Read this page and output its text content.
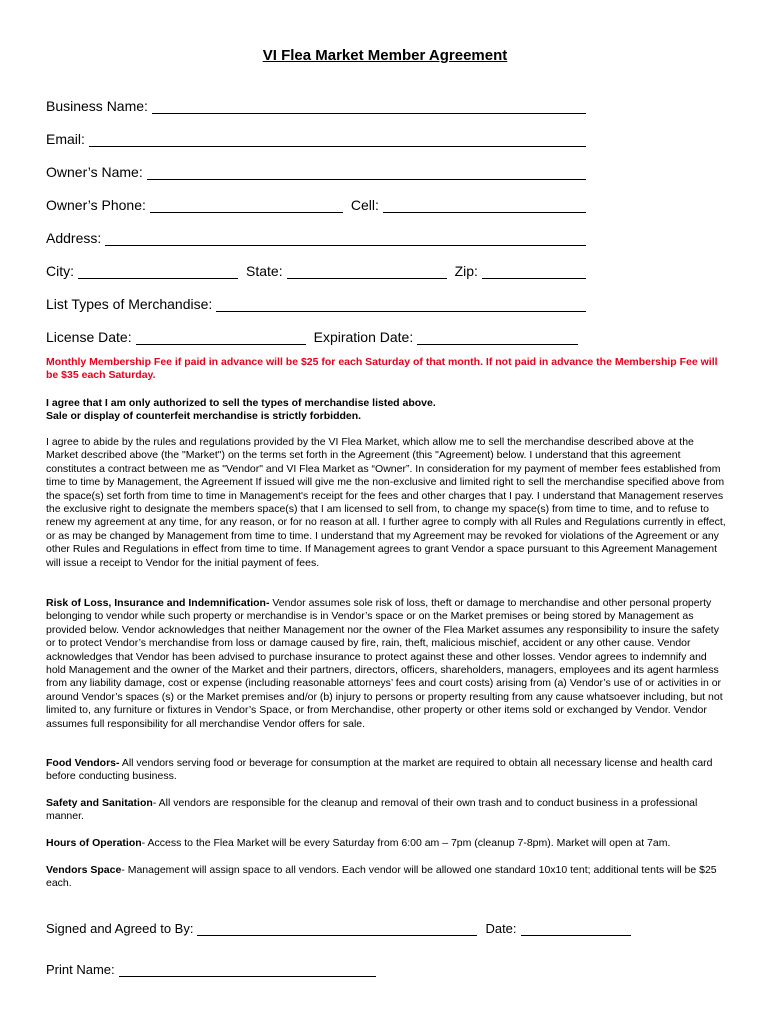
VI Flea Market Member Agreement
Business Name:
Email:
Owner’s Name:
Owner’s Phone:	Cell:
Address:
City:	State:	Zip:
List Types of Merchandise:
License Date:	Expiration Date:

Monthly Membership Fee if paid in advance will be $25 for each Saturday of that month. If not paid in advance the Membership Fee will be $35 each Saturday.

I agree that I am only authorized to sell the types of merchandise listed above.
Sale or display of counterfeit merchandise is strictly forbidden.

I agree to abide by the rules and regulations provided by the VI Flea Market, which allow me to sell the merchandise described above at the Market described above (the "Market") on the terms set forth in the Agreement (this "Agreement) below. I understand that this agreement constitutes a contract between me as "Vendor" and VI Flea Market as “Owner”. In consideration for my payment of member fees established from time to time by Management, the Agreement If issued will give me the non-exclusive and limited right to sell the merchandise specified above from the space(s) set forth from time to time in Management's receipt for the fees and other charges that I pay. I understand that Management reserves the exclusive right to designate the members space(s) that I am licensed to sell from, to change my space(s) from time to time, and to refuse to renew my agreement at any time, for any reason, or for no reason at all. I further agree to comply with all Rules and Regulations currently in effect, or as may be changed by Management from time to time. I understand that my Agreement may be revoked for violations of the Agreement or any other Rules and Regulations in effect from time to time. If Management agrees to grant Vendor a space pursuant to this Agreement Management will issue a receipt to Vendor for the initial payment of fees.

Risk of Loss, Insurance and Indemnification- Vendor assumes sole risk of loss, theft or damage to merchandise and other personal property belonging to vendor while such property or merchandise is in Vendor’s space or on the Market premises or being stored by Management as provided below. Vendor acknowledges that neither Management nor the owner of the Flea Market assumes any responsibility to insure the safety or to protect Vendor’s merchandise from loss or damage caused by fire, rain, theft, malicious mischief, accident or any other cause. Vendor acknowledges that Vendor has been advised to purchase insurance to protect against these and other losses. Vendor agrees to indemnify and hold Management and the owner of the Market and their partners, directors, officers, shareholders, managers, employees and its agent harmless from any liability damage, cost or expense (including reasonable attorneys’ fees and court costs) arising from (a) Vendor’s use of or activities in or around Vendor’s spaces (s) or the Market premises and/or (b) injury to persons or property resulting from any cause whatsoever including, but not limited to, any furniture or fixtures in Vendor’s Space, or from Merchandise, other property or other items sold or exchanged by Vendor. Vendor assumes full responsibility for all merchandise Vendor offers for sale.

Food Vendors- All vendors serving food or beverage for consumption at the market are required to obtain all necessary license and health card before conducting business.

Safety and Sanitation- All vendors are responsible for the cleanup and removal of their own trash and to conduct business in a professional manner.

Hours of Operation- Access to the Flea Market will be every Saturday from 6:00 am – 7pm (cleanup 7-8pm). Market will open at 7am.

Vendors Space- Management will assign space to all vendors. Each vendor will be allowed one standard 10x10 tent; additional tents will be $25 each.

Signed and Agreed to By:	Date:
Print Name:
